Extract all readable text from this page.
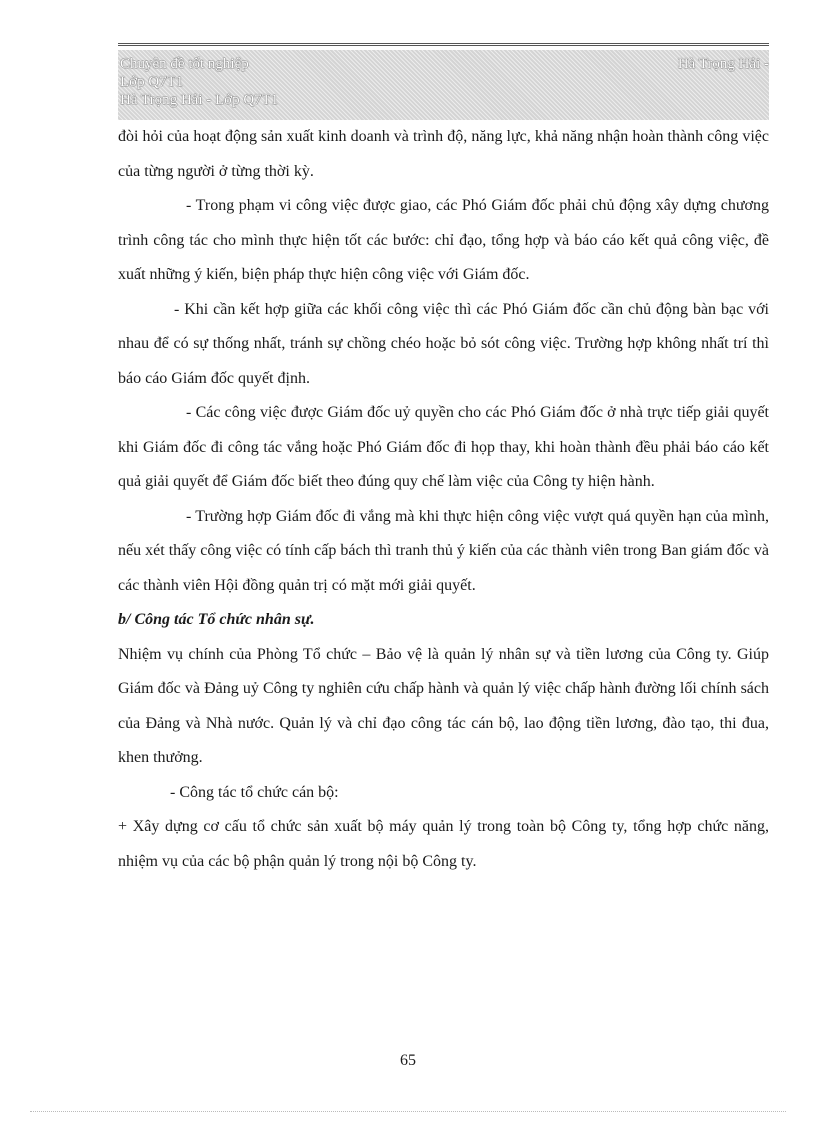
Chuyên đề tốt nghiệp	Hà Trọng Hải -
Lớp Q7T1
Hà Trọng Hải - Lớp Q7T1

đòi hỏi của hoạt động sản xuất kinh doanh và trình độ, năng lực, khả năng nhận hoàn thành công việc của từng người ở từng thời kỳ.

- Trong phạm vi công việc được giao, các Phó Giám đốc phải chủ động xây dựng chương trình công tác cho mình thực hiện tốt các bước: chỉ đạo, tổng hợp và báo cáo kết quả công việc, đề xuất những ý kiến, biện pháp thực hiện công việc với Giám đốc.

- Khi cần kết hợp giữa các khối công việc thì các Phó Giám đốc cần chủ động bàn bạc với nhau để có sự thống nhất, tránh sự chồng chéo hoặc bỏ sót công việc. Trường hợp không nhất trí thì báo cáo Giám đốc quyết định.

- Các công việc được Giám đốc uỷ quyền cho các Phó Giám đốc ở nhà trực tiếp giải quyết khi Giám đốc đi công tác vắng hoặc Phó Giám đốc đi họp thay, khi hoàn thành đều phải báo cáo kết quả giải quyết để Giám đốc biết theo đúng quy chế làm việc của Công ty hiện hành.

- Trường hợp Giám đốc đi vắng mà khi thực hiện công việc vượt quá quyền hạn của mình, nếu xét thấy công việc có tính cấp bách thì tranh thủ ý kiến của các thành viên trong Ban giám đốc và các thành viên Hội đồng quản trị có mặt mới giải quyết.

b/ Công tác Tổ chức nhân sự.

Nhiệm vụ chính của Phòng Tổ chức – Bảo vệ là quản lý nhân sự và tiền lương của Công ty. Giúp Giám đốc và Đảng uỷ Công ty nghiên cứu chấp hành và quản lý việc chấp hành đường lối chính sách của Đảng và Nhà nước. Quản lý và chỉ đạo công tác cán bộ, lao động tiền lương, đào tạo, thi đua, khen thưởng.

- Công tác tổ chức cán bộ:

+ Xây dựng cơ cấu tổ chức sản xuất bộ máy quản lý trong toàn bộ Công ty, tổng hợp chức năng, nhiệm vụ của các bộ phận quản lý trong nội bộ Công ty.

65
